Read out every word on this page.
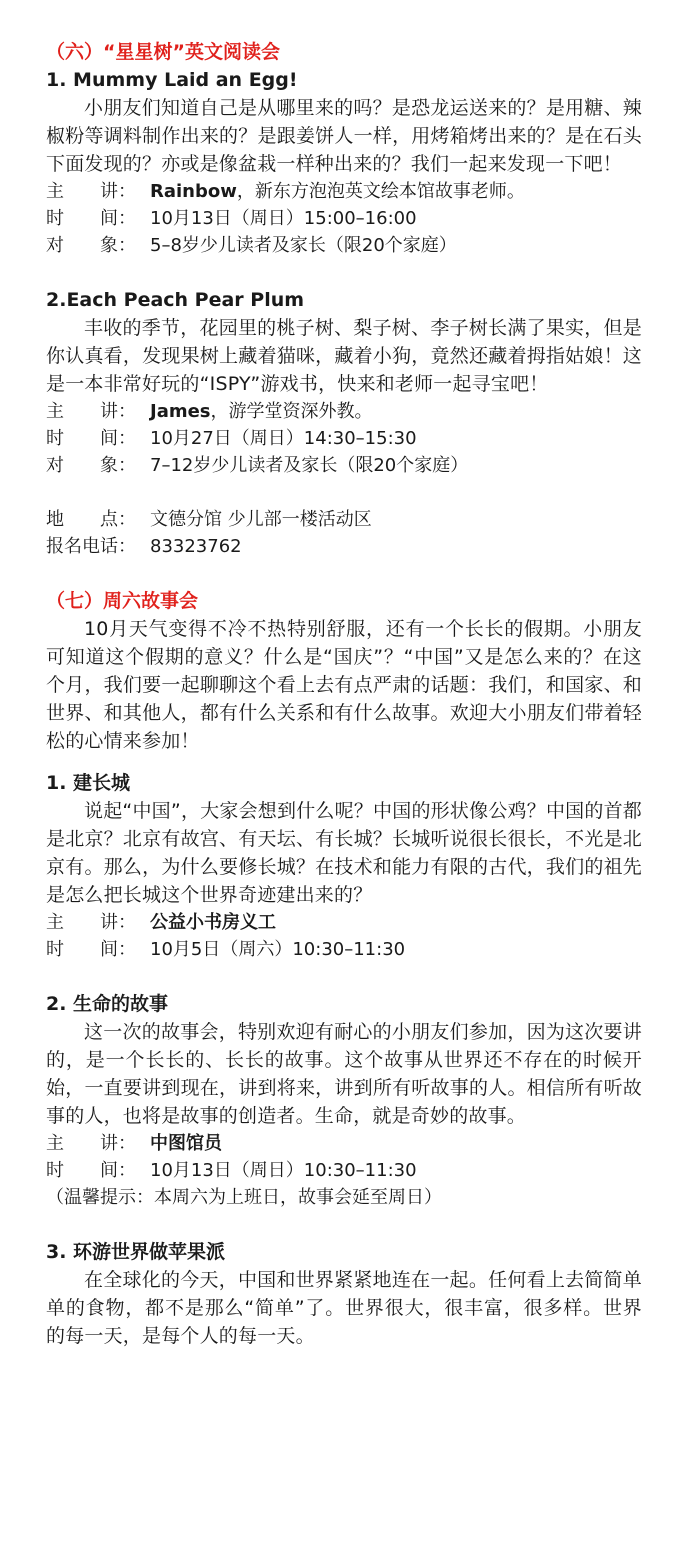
（六）“星星树”英文阅读会

1. Mummy Laid an Egg!

小朋友们知道自己是从哪里来的吗？是恐龙运送来的？是用糖、辣椒粉等调料制作出来的？是跟姜饼人一样，用烤箱烤出来的？是在石头下面发现的？亦或是像盆栽一样种出来的？我们一起来发现一下吧！

主　　讲： Rainbow，新东方泡泡英文绘本馆故事老师。

时　　间： 10月13日（周日）15:00–16:00

对　　象： 5–8岁少儿读者及家长（限20个家庭）

2.Each Peach Pear Plum

丰收的季节，花园里的桃子树、梨子树、李子树长满了果实，但是你认真看，发现果树上藏着猫咪，藏着小狗，竟然还藏着拇指姑娘！这是一本非常好玩的“ISPY”游戏书，快来和老师一起寻宝吧！

主　　讲： James，游学堂资深外教。

时　　间： 10月27日（周日）14:30–15:30

对　　象： 7–12岁少儿读者及家长（限20个家庭）

地　　点： 文德分馆 少儿部一楼活动区

报名电话： 83323762

（七）周六故事会

10月天气变得不冷不热特别舒服，还有一个长长的假期。小朋友可知道这个假期的意义？什么是“国庆”？“中国”又是怎么来的？在这个月，我们要一起聊聊这个看上去有点严肃的话题：我们，和国家、和世界、和其他人，都有什么关系和有什么故事。欢迎大小朋友们带着轻松的心情来参加！

1. 建长城

说起“中国”，大家会想到什么呢？中国的形状像公鸡？中国的首都是北京？北京有故宫、有天坛、有长城？长城听说很长很长，不光是北京有。那么，为什么要修长城？在技术和能力有限的古代，我们的祖先是怎么把长城这个世界奇迹建出来的？

主　　讲： 公益小书房义工

时　　间： 10月5日（周六）10:30–11:30

2. 生命的故事

这一次的故事会，特别欢迎有耐心的小朋友们参加，因为这次要讲的，是一个长长的、长长的故事。这个故事从世界还不存在的时候开始，一直要讲到现在，讲到将来，讲到所有听故事的人。相信所有听故事的人，也将是故事的创造者。生命，就是奇妙的故事。

主　　讲： 中图馆员

时　　间： 10月13日（周日）10:30–11:30

（温馨提示：本周六为上班日，故事会延至周日）

3. 环游世界做苹果派

在全球化的今天，中国和世界紧紧地连在一起。任何看上去简简单单的食物，都不是那么“简单”了。世界很大，很丰富，很多样。世界的每一天，是每个人的每一天。
